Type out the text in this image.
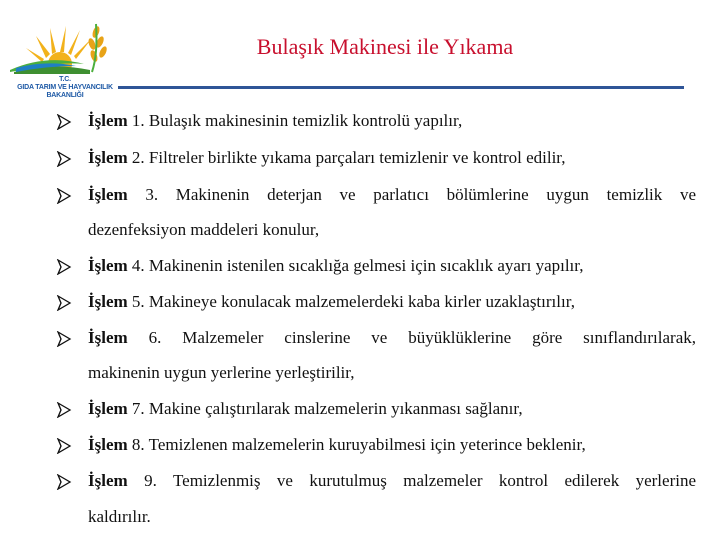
T.C.
GIDA TARIM VE HAYVANCILIK
BAKANLIĞI
Bulaşık Makinesi ile Yıkama
İşlem 1. Bulaşık makinesinin temizlik kontrolü yapılır,
İşlem 2. Filtreler birlikte yıkama parçaları temizlenir ve kontrol edilir,
İşlem 3. Makinenin deterjan ve parlatıcı bölümlerine uygun temizlik ve
dezenfeksiyon maddeleri konulur,
İşlem 4. Makinenin istenilen sıcaklığa gelmesi için sıcaklık ayarı yapılır,
İşlem 5. Makineye konulacak malzemelerdeki kaba kirler uzaklaştırılır,
İşlem 6. Malzemeler cinslerine ve büyüklüklerine göre sınıflandırılarak,
makinenin uygun yerlerine yerleştirilir,
İşlem 7. Makine çalıştırılarak malzemelerin yıkanması sağlanır,
İşlem 8. Temizlenen malzemelerin kuruyabilmesi için yeterince beklenir,
İşlem 9. Temizlenmiş ve kurutulmuş malzemeler kontrol edilerek yerlerine
kaldırılır.
